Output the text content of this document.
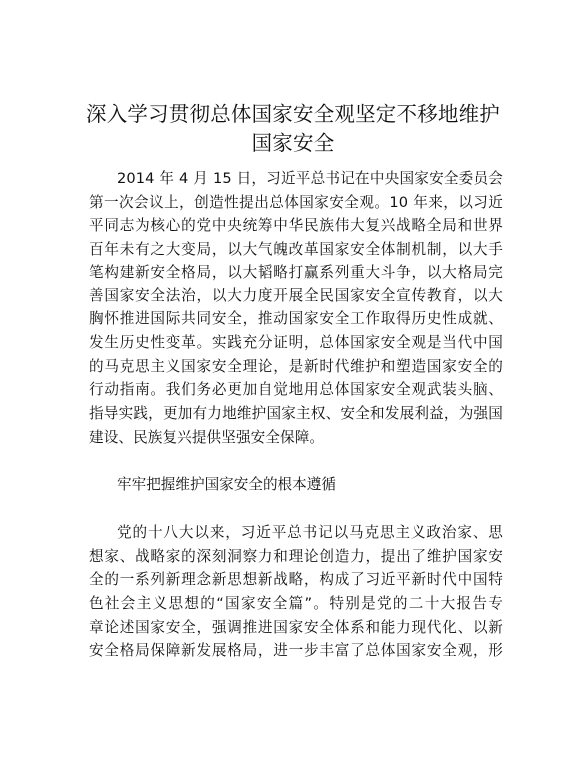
深入学习贯彻总体国家安全观坚定不移地维护
国家安全
2014 年 4 月 15 日，习近平总书记在中央国家安全委员会
第一次会议上，创造性提出总体国家安全观。10 年来，以习近
平同志为核心的党中央统筹中华民族伟大复兴战略全局和世界
百年未有之大变局，以大气魄改革国家安全体制机制，以大手
笔构建新安全格局，以大韬略打赢系列重大斗争，以大格局完
善国家安全法治，以大力度开展全民国家安全宣传教育，以大
胸怀推进国际共同安全，推动国家安全工作取得历史性成就、
发生历史性变革。实践充分证明，总体国家安全观是当代中国
的马克思主义国家安全理论，是新时代维护和塑造国家安全的
行动指南。我们务必更加自觉地用总体国家安全观武装头脑、
指导实践，更加有力地维护国家主权、安全和发展利益，为强国
建设、民族复兴提供坚强安全保障。
牢牢把握维护国家安全的根本遵循
党的十八大以来，习近平总书记以马克思主义政治家、思
想家、战略家的深刻洞察力和理论创造力，提出了维护国家安
全的一系列新理念新思想新战略，构成了习近平新时代中国特
色社会主义思想的“国家安全篇”。特别是党的二十大报告专
章论述国家安全，强调推进国家安全体系和能力现代化、以新
安全格局保障新发展格局，进一步丰富了总体国家安全观，形
